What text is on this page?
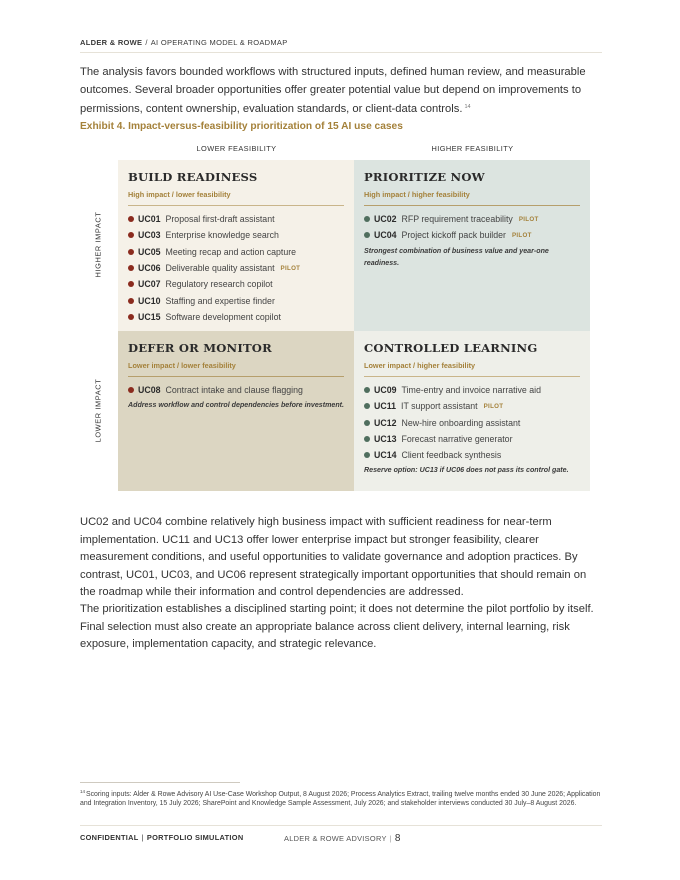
ALDER & ROWE / AI OPERATING MODEL & ROADMAP

The analysis favors bounded workflows with structured inputs, defined human review, and measurable outcomes. Several broader opportunities offer greater potential value but depend on improvements to permissions, content ownership, evaluation standards, or client-data controls. $^{14}$

Exhibit 4. Impact-versus-feasibility prioritization of 15 AI use cases
LOWER FEASIBILITY	HIGHER FEASIBILITY
HIGHER IMPACT
LOWER IMPACT
BUILD READINESS
High impact / lower feasibility
UC01 Proposal first-draft assistant
UC03 Enterprise knowledge search
UC05 Meeting recap and action capture
UC06 Deliverable quality assistant PILOT
UC07 Regulatory research copilot
UC10 Staffing and expertise finder
UC15 Software development copilot
PRIORITIZE NOW
High impact / higher feasibility
UC02 RFP requirement traceability PILOT
UC04 Project kickoff pack builder PILOT
Strongest combination of business value and year-one readiness.
DEFER OR MONITOR
Lower impact / lower feasibility
UC08 Contract intake and clause flagging
Address workflow and control dependencies before investment.
CONTROLLED LEARNING
Lower impact / higher feasibility
UC09 Time-entry and invoice narrative aid
UC11 IT support assistant PILOT
UC12 New-hire onboarding assistant
UC13 Forecast narrative generator
UC14 Client feedback synthesis
Reserve option: UC13 if UC06 does not pass its control gate.

UC02 and UC04 combine relatively high business impact with sufficient readiness for near-term implementation. UC11 and UC13 offer lower enterprise impact but stronger feasibility, clearer measurement conditions, and useful opportunities to validate governance and adoption practices. By contrast, UC01, UC03, and UC06 represent strategically important opportunities that should remain on the roadmap while their information and control dependencies are addressed.

The prioritization establishes a disciplined starting point; it does not determine the pilot portfolio by itself. Final selection must also create an appropriate balance across client delivery, internal learning, risk exposure, implementation capacity, and strategic relevance.

$^{14}$Scoring inputs: Alder & Rowe Advisory AI Use-Case Workshop Output, 8 August 2026; Process Analytics Extract, trailing twelve months ended 30 June 2026; Application and Integration Inventory, 15 July 2026; SharePoint and Knowledge Sample Assessment, July 2026; and stakeholder interviews conducted 30 July–8 August 2026.

CONFIDENTIAL | PORTFOLIO SIMULATION	ALDER & ROWE ADVISORY | 8
